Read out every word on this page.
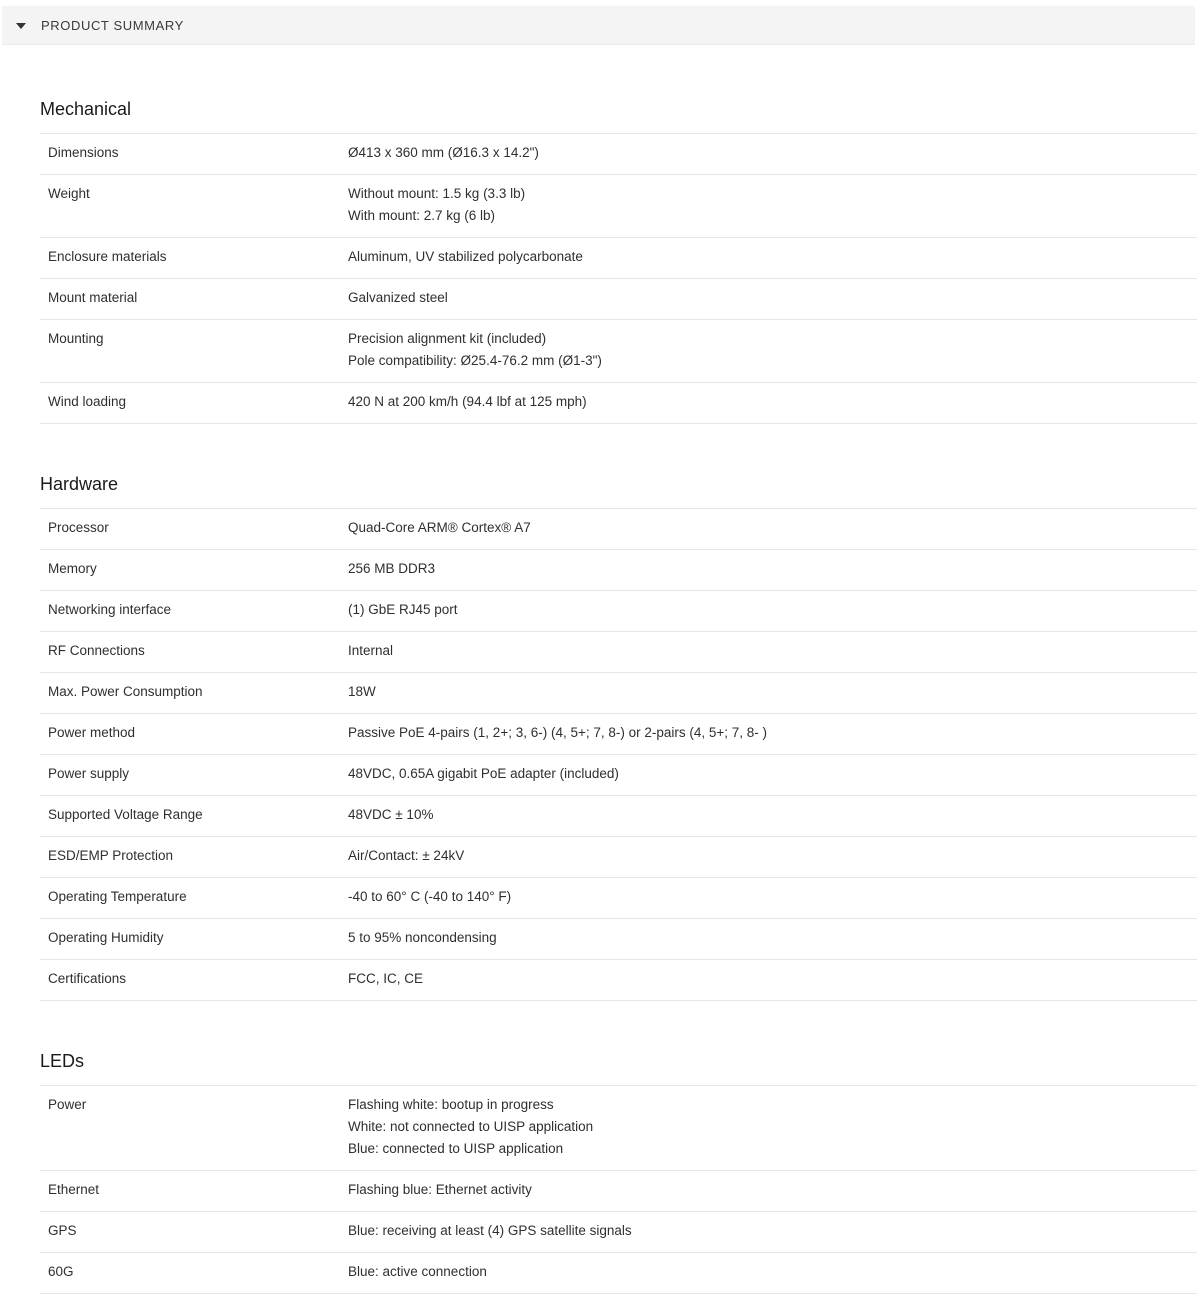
PRODUCT SUMMARY
Mechanical
Dimensions	Ø413 x 360 mm (Ø16.3 x 14.2")
Weight	Without mount: 1.5 kg (3.3 lb)
With mount: 2.7 kg (6 lb)
Enclosure materials	Aluminum, UV stabilized polycarbonate
Mount material	Galvanized steel
Mounting	Precision alignment kit (included)
Pole compatibility: Ø25.4-76.2 mm (Ø1-3")
Wind loading	420 N at 200 km/h (94.4 lbf at 125 mph)
Hardware
Processor	Quad-Core ARM® Cortex® A7
Memory	256 MB DDR3
Networking interface	(1) GbE RJ45 port
RF Connections	Internal
Max. Power Consumption	18W
Power method	Passive PoE 4-pairs (1, 2+; 3, 6-) (4, 5+; 7, 8-) or 2-pairs (4, 5+; 7, 8- )
Power supply	48VDC, 0.65A gigabit PoE adapter (included)
Supported Voltage Range	48VDC ± 10%
ESD/EMP Protection	Air/Contact: ± 24kV
Operating Temperature	-40 to 60° C (-40 to 140° F)
Operating Humidity	5 to 95% noncondensing
Certifications	FCC, IC, CE
LEDs
Power	Flashing white: bootup in progress
White: not connected to UISP application
Blue: connected to UISP application
Ethernet	Flashing blue: Ethernet activity
GPS	Blue: receiving at least (4) GPS satellite signals
60G	Blue: active connection
